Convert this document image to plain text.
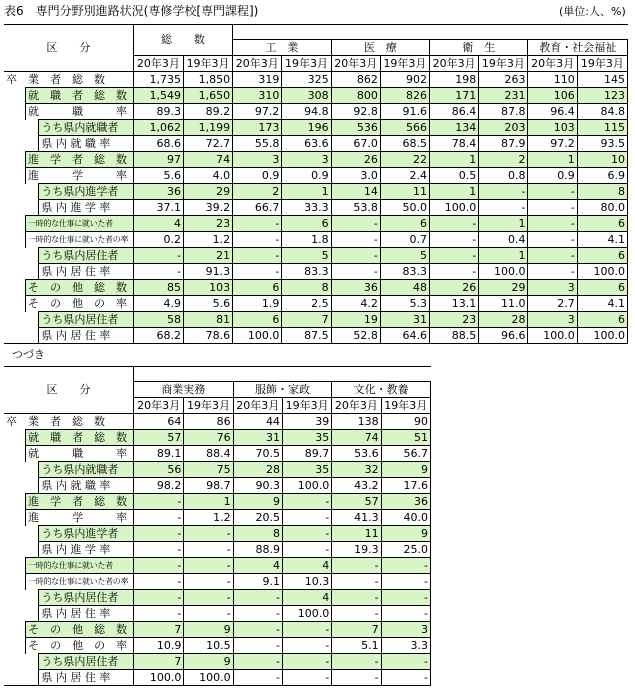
表6　専門分野別進路状況(専修学校[専門課程])	(単位:人、%)
区　　分			総　　数									
					工　業		医　療		衛　生		教育・社会福祉	
			20年3月	19年3月	20年3月	19年3月	20年3月	19年3月	20年3月	19年3月	20年3月	19年3月
卒　業　者　総　数			1,735	1,850	319	325	862	902	198	263	110	145
	就　職　者　総　数		1,549	1,650	310	308	800	826	171	231	106	123
	就　　　職　　　率		89.3	89.2	97.2	94.8	92.8	91.6	86.4	87.8	96.4	84.8
		うち県内就職者	1,062	1,199	173	196	536	566	134	203	103	115
		県 内 就 職 率	68.6	72.7	55.8	63.6	67.0	68.5	78.4	87.9	97.2	93.5
	進　学　者　総　数		97	74	3	3	26	22	1	2	1	10
	進　　　学　　　率		5.6	4.0	0.9	0.9	3.0	2.4	0.5	0.8	0.9	6.9
		うち県内進学者	36	29	2	1	14	11	1	-	-	8
		県 内 進 学 率	37.1	39.2	66.7	33.3	53.8	50.0	100.0	-	-	80.0
	一時的な仕事に就いた者		4	23	-	6	-	6	-	1	-	6
	一時的な仕事に就いた者の率		0.2	1.2	-	1.8	-	0.7	-	0.4	-	4.1
		うち県内居住者	-	21	-	5	-	5	-	1	-	6
		県 内 居 住 率	-	91.3	-	83.3	-	83.3	-	100.0	-	100.0
	そ　の　他　総　数		85	103	6	8	36	48	26	29	3	6
	そ　の　他　の　率		4.9	5.6	1.9	2.5	4.2	5.3	13.1	11.0	2.7	4.1
		うち県内居住者	58	81	6	7	19	31	23	28	3	6
		県 内 居 住 率	68.2	78.6	100.0	87.5	52.8	64.6	88.5	96.6	100.0	100.0
つづき
区　　分								
			商業実務		服飾・家政		文化・教養	
			20年3月	19年3月	20年3月	19年3月	20年3月	19年3月
卒　業　者　総　数			64	86	44	39	138	90
	就　職　者　総　数		57	76	31	35	74	51
	就　　　職　　　率		89.1	88.4	70.5	89.7	53.6	56.7
		うち県内就職者	56	75	28	35	32	9
		県 内 就 職 率	98.2	98.7	90.3	100.0	43.2	17.6
	進　学　者　総　数		-	1	9	-	57	36
	進　　　学　　　率		-	1.2	20.5	-	41.3	40.0
		うち県内進学者	-	-	8	-	11	9
		県 内 進 学 率	-	-	88.9	-	19.3	25.0
	一時的な仕事に就いた者		-	-	4	4	-	-
	一時的な仕事に就いた者の率		-	-	9.1	10.3	-	-
		うち県内居住者	-	-	-	4	-	-
		県 内 居 住 率	-	-	-	100.0	-	-
	そ　の　他　総　数		7	9	-	-	7	3
	そ　の　他　の　率		10.9	10.5	-	-	5.1	3.3
		うち県内居住者	7	9	-	-	-	-
		県 内 居 住 率	100.0	100.0	-	-	-	-
